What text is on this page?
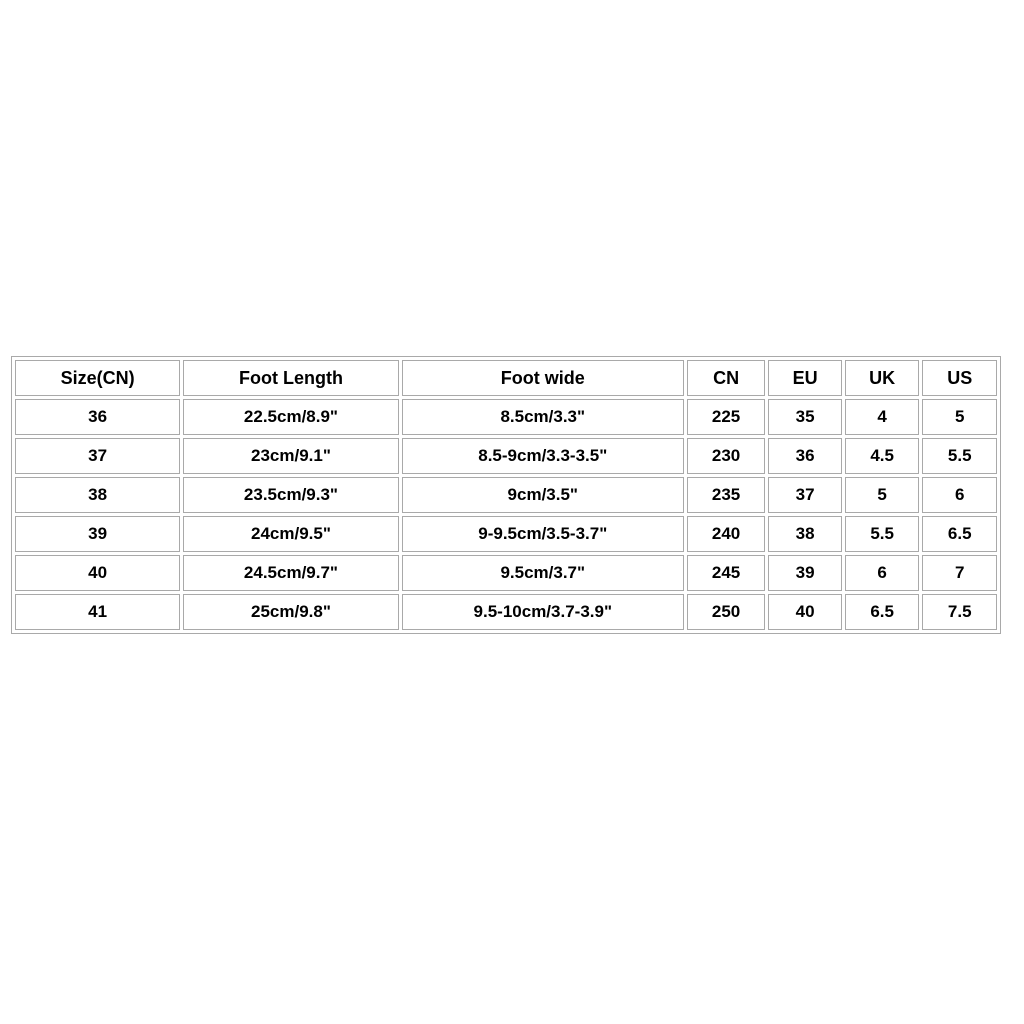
Size(CN)	Foot Length	Foot wide	CN	EU	UK	US
36	22.5cm/8.9"	8.5cm/3.3"	225	35	4	5
37	23cm/9.1"	8.5-9cm/3.3-3.5"	230	36	4.5	5.5
38	23.5cm/9.3"	9cm/3.5"	235	37	5	6
39	24cm/9.5"	9-9.5cm/3.5-3.7"	240	38	5.5	6.5
40	24.5cm/9.7"	9.5cm/3.7"	245	39	6	7
41	25cm/9.8"	9.5-10cm/3.7-3.9"	250	40	6.5	7.5
